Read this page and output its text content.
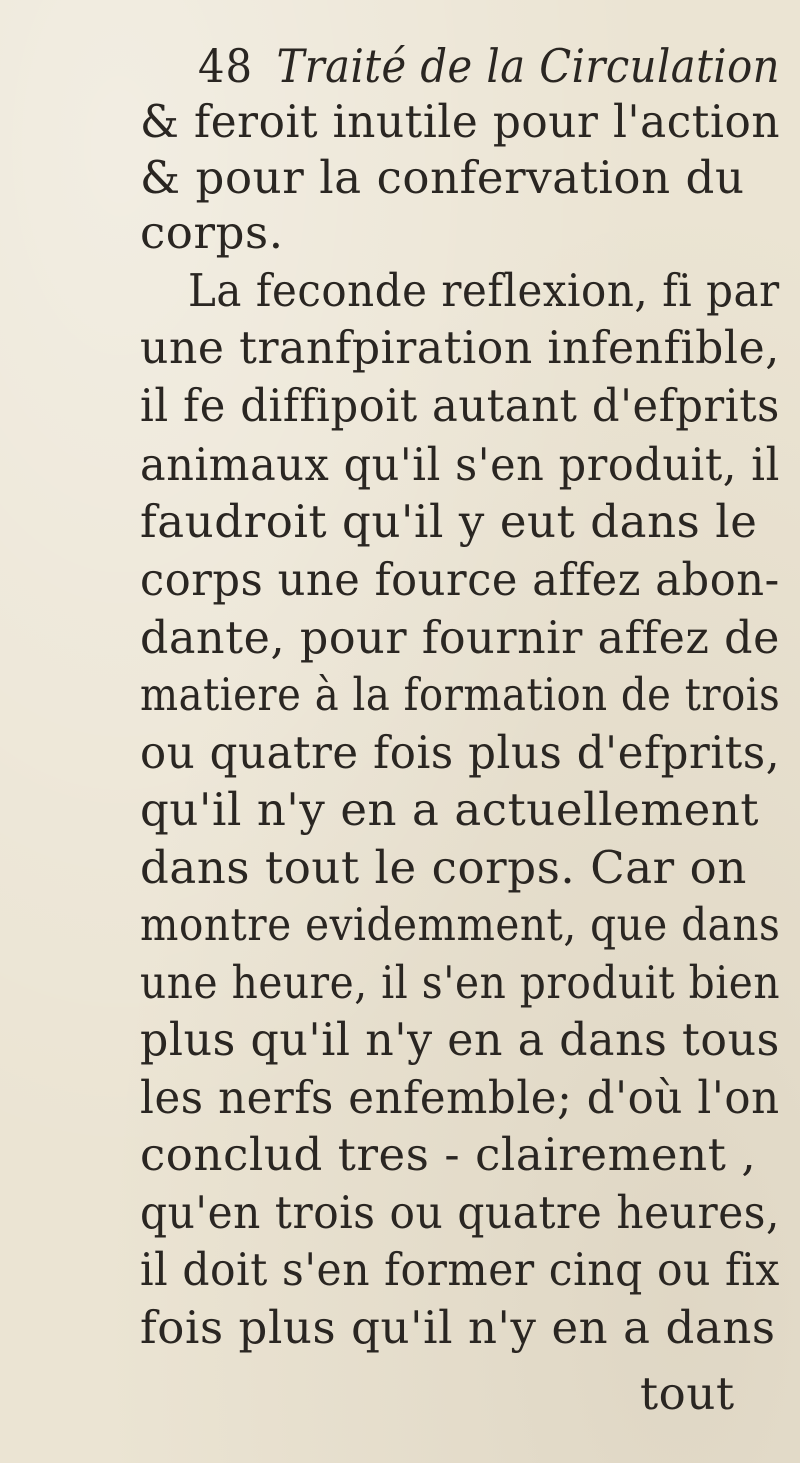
48 Traité de la Circulation
& feroit inutile pour l'action
& pour la confervation du
corps.
La feconde reflexion, fi par
une tranfpiration infenfible,
il fe diffipoit autant d'efprits
animaux qu'il s'en produit, il
faudroit qu'il y eut dans le
corps une fource affez abon-
dante, pour fournir affez de
matiere à la formation de trois
ou quatre fois plus d'efprits,
qu'il n'y en a actuellement
dans tout le corps. Car on
montre evidemment, que dans
une heure, il s'en produit bien
plus qu'il n'y en a dans tous
les nerfs enfemble; d'où l'on
conclud tres - clairement ,
qu'en trois ou quatre heures,
il doit s'en former cinq ou fix
fois plus qu'il n'y en a dans
tout
